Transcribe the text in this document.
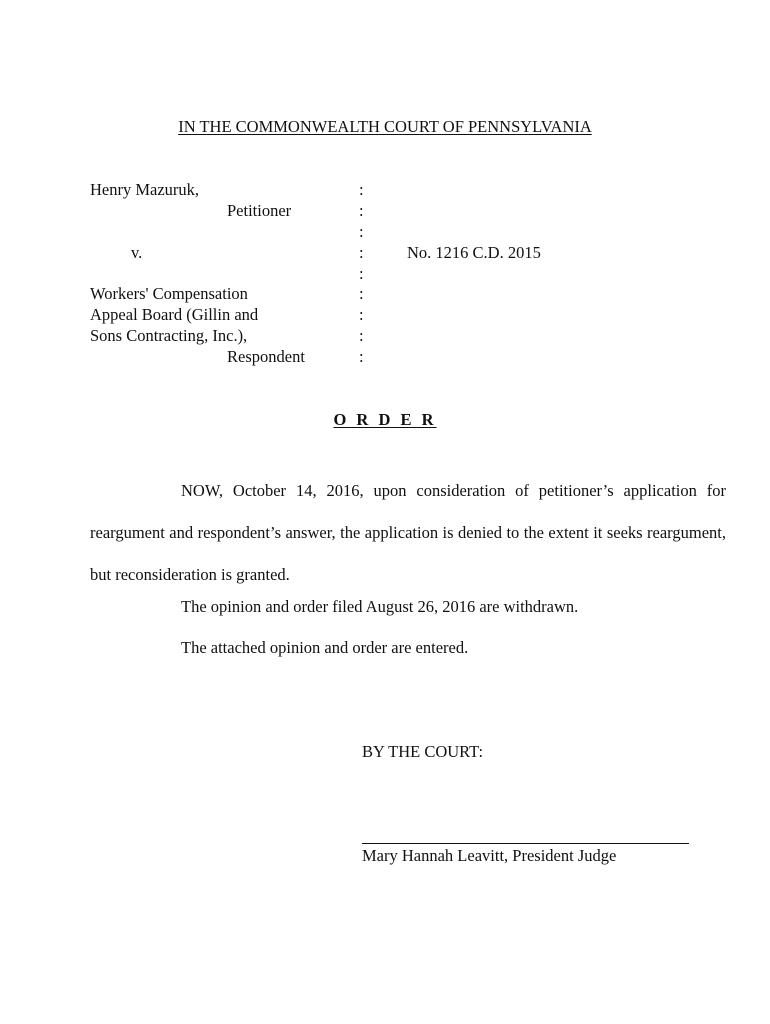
IN THE COMMONWEALTH COURT OF PENNSYLVANIA
Henry Mazuruk,
Petitioner
v.
Workers' Compensation
Appeal Board (Gillin and
Sons Contracting, Inc.),
Respondent
:
:
:
:
:
:
:
:
:
No. 1216 C.D. 2015
O R D E R
NOW, October 14, 2016, upon consideration of petitioner’s application for reargument and respondent’s answer, the application is denied to the extent it seeks reargument, but reconsideration is granted.
The opinion and order filed August 26, 2016 are withdrawn.
The attached opinion and order are entered.
BY THE COURT:
Mary Hannah Leavitt, President Judge
